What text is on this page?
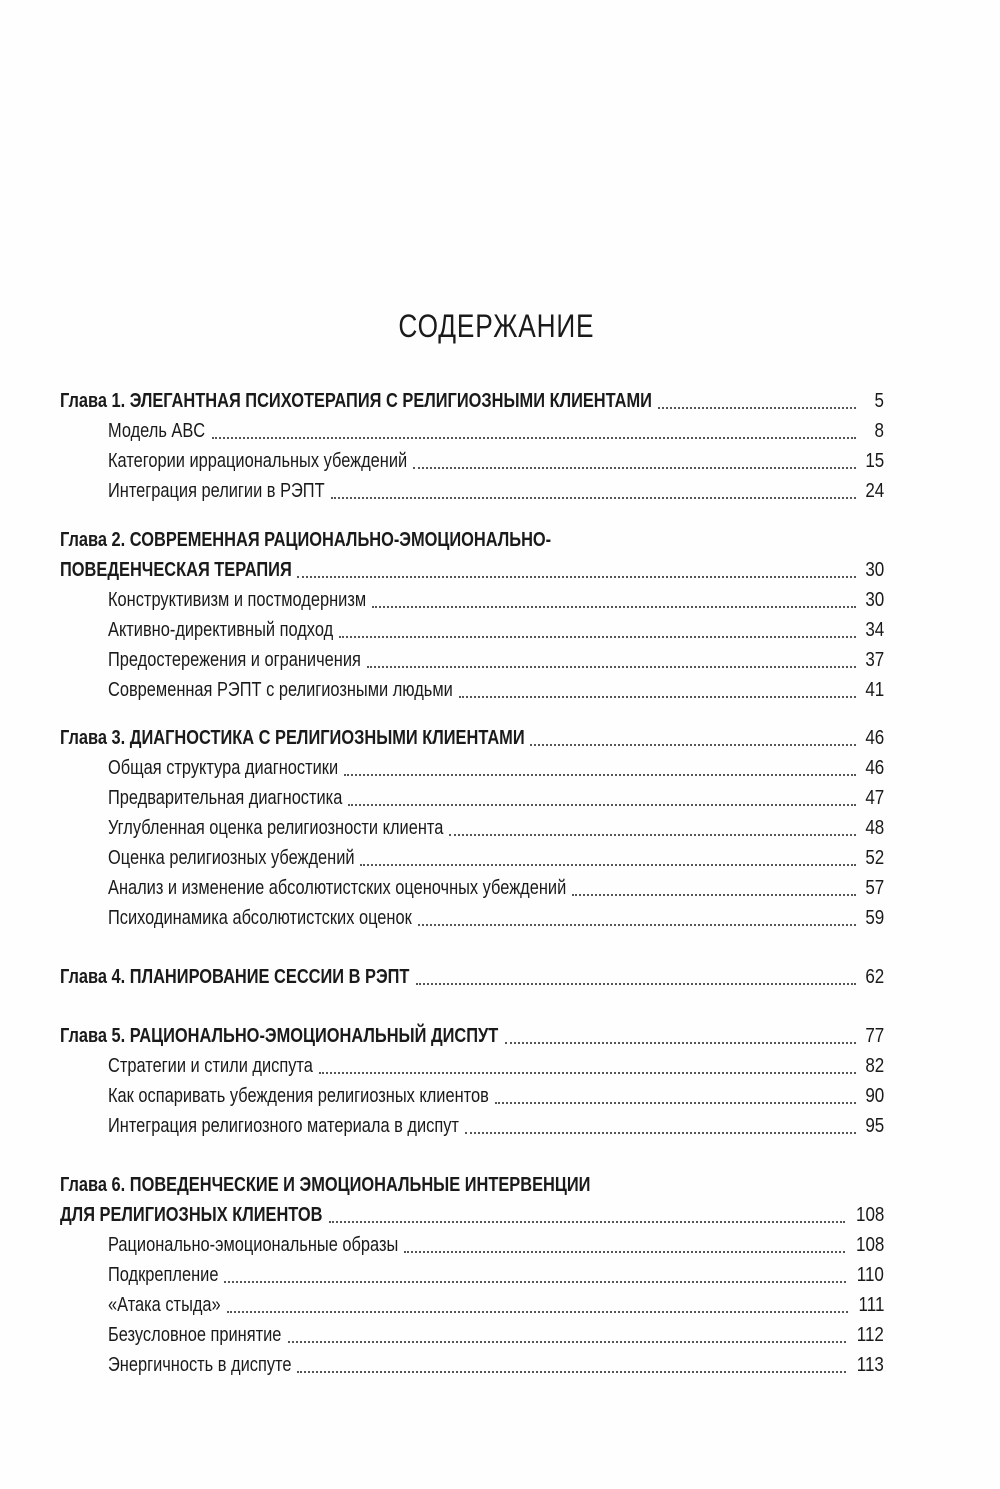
СОДЕРЖАНИЕ
Глава 1. ЭЛЕГАНТНАЯ ПСИХОТЕРАПИЯ С РЕЛИГИОЗНЫМИ КЛИЕНТАМИ	5
Модель ABC	8
Категории иррациональных убеждений	15
Интеграция религии в РЭПТ	24
Глава 2. СОВРЕМЕННАЯ РАЦИОНАЛЬНО-ЭМОЦИОНАЛЬНО-
ПОВЕДЕНЧЕСКАЯ ТЕРАПИЯ	30
Конструктивизм и постмодернизм	30
Активно-директивный подход	34
Предостережения и ограничения	37
Современная РЭПТ с религиозными людьми	41
Глава 3. ДИАГНОСТИКА С РЕЛИГИОЗНЫМИ КЛИЕНТАМИ	46
Общая структура диагностики	46
Предварительная диагностика	47
Углубленная оценка религиозности клиента	48
Оценка религиозных убеждений	52
Анализ и изменение абсолютистских оценочных убеждений	57
Психодинамика абсолютистских оценок	59
Глава 4. ПЛАНИРОВАНИЕ СЕССИИ В РЭПТ	62
Глава 5. РАЦИОНАЛЬНО-ЭМОЦИОНАЛЬНЫЙ ДИСПУТ	77
Стратегии и стили диспута	82
Как оспаривать убеждения религиозных клиентов	90
Интеграция религиозного материала в диспут	95
Глава 6. ПОВЕДЕНЧЕСКИЕ И ЭМОЦИОНАЛЬНЫЕ ИНТЕРВЕНЦИИ
ДЛЯ РЕЛИГИОЗНЫХ КЛИЕНТОВ	108
Рационально-эмоциональные образы	108
Подкрепление	110
«Атака стыда»	111
Безусловное принятие	112
Энергичность в диспуте	113
